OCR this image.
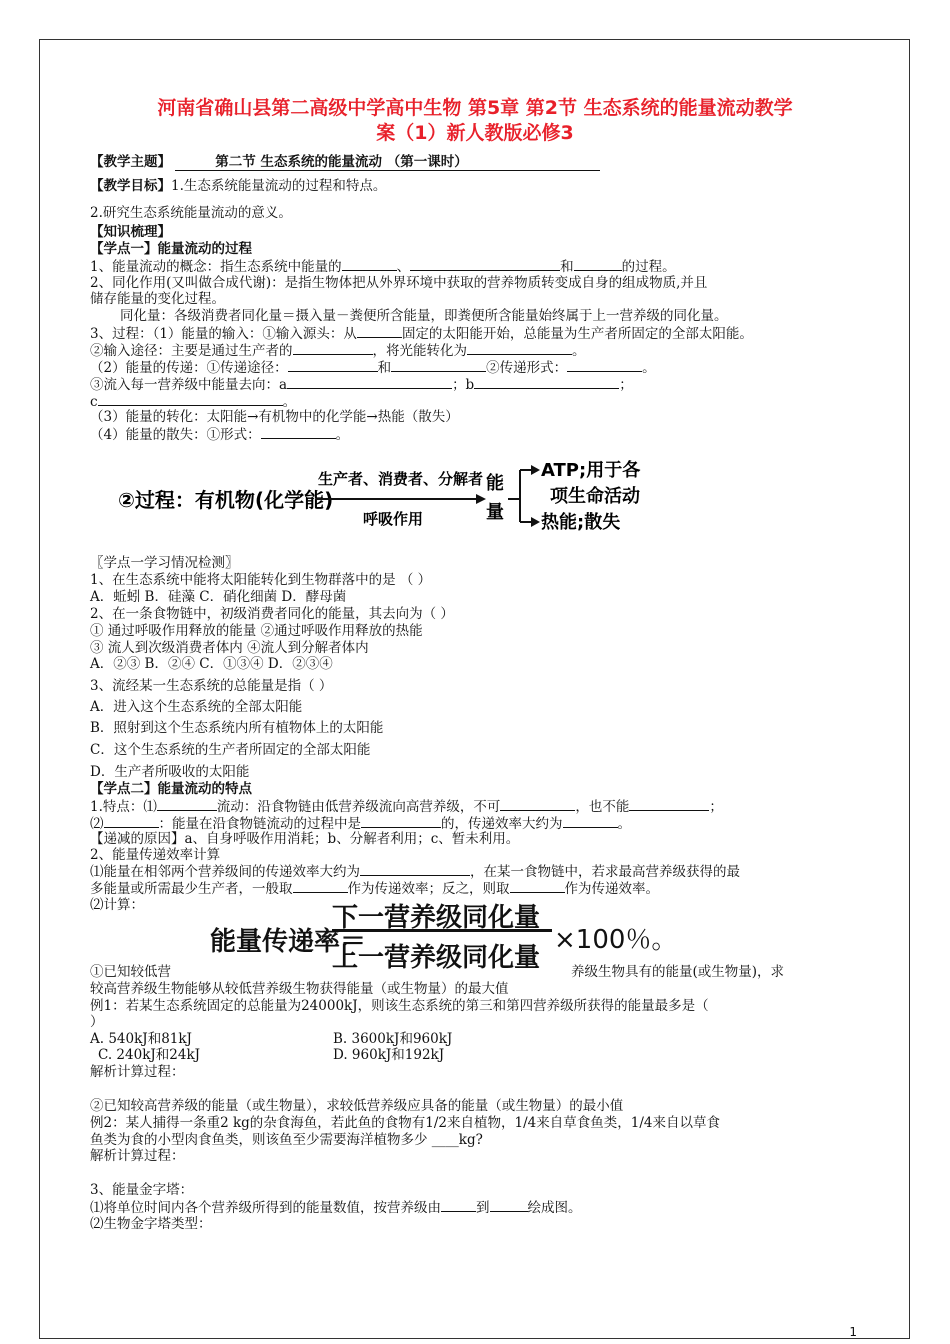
河南省确山县第二高级中学高中生物 第5章 第2节 生态系统的能量流动教学
案（1）新人教版必修3
【教学主题】	第二节 生态系统的能量流动 （第一课时）
【教学目标】1.生态系统能量流动的过程和特点。
2.研究生态系统能量流动的意义。
【知识梳理】
【学点一】能量流动的过程
1、能量流动的概念：指生态系统中能量的	、	和	的过程。
2、同化作用(又叫做合成代谢)：是指生物体把从外界环境中获取的营养物质转变成自身的组成物质,并且
储存能量的变化过程。
同化量：各级消费者同化量＝摄入量－粪便所含能量，即粪便所含能量始终属于上一营养级的同化量。
3、过程：（1）能量的输入：①输入源头：从	固定的太阳能开始，总能量为生产者所固定的全部太阳能。
②输入途径：主要是通过生产者的	，将光能转化为	。
（2）能量的传递：①传递途径：	和	②传递形式：	。
③流入每一营养级中能量去向：a	；b	；
c	。
（3）能量的转化：太阳能→有机物中的化学能→热能（散失）
（4）能量的散失：①形式：	。
②过程：有机物(化学能)
生产者、消费者、分解者
呼吸作用
能
量
ATP;用于各
项生命活动
热能;散失
〖学点一学习情况检测〗
1、在生态系统中能将太阳能转化到生物群落中的是 （ ）
A．蚯蚓 B．硅藻 C．硝化细菌 D．酵母菌
2、在一条食物链中，初级消费者同化的能量，其去向为（ ）
① 通过呼吸作用释放的能量 ②通过呼吸作用释放的热能
③ 流人到次级消费者体内 ④流人到分解者体内
A．②③ B．②④ C．①③④ D．②③④
3、流经某一生态系统的总能量是指（ ）
A．进入这个生态系统的全部太阳能
B．照射到这个生态系统内所有植物体上的太阳能
C．这个生态系统的生产者所固定的全部太阳能
D．生产者所吸收的太阳能
【学点二】能量流动的特点
1.特点：⑴	流动：沿食物链由低营养级流向高营养级，不可	，也不能	；
⑵	：能量在沿食物链流动的过程中是	的，传递效率大约为	。
【递减的原因】a、自身呼吸作用消耗；b、分解者利用；c、暂未利用。
2、能量传递效率计算
⑴能量在相邻两个营养级间的传递效率大约为	，在某一食物链中，若求最高营养级获得的最
多能量或所需最少生产者，一般取	作为传递效率；反之，则取	作为传递效率。
⑵计算：
能量传递率＝
下一营养级同化量
上一营养级同化量
×100％。
①已知较低营	养级生物具有的能量(或生物量)，求
较高营养级生物能够从较低营养级生物获得能量（或生物量）的最大值
例1：若某生态系统固定的总能量为24000kJ，则该生态系统的第三和第四营养级所获得的能量最多是（
）
A. 540kJ和81kJ	B. 3600kJ和960kJ
C. 240kJ和24kJ	D. 960kJ和192kJ
解析计算过程：
②已知较高营养级的能量（或生物量），求较低营养级应具备的能量（或生物量）的最小值
例2：某人捕得一条重2 kg的杂食海鱼，若此鱼的食物有1/2来自植物，1/4来自草食鱼类，1/4来自以草食
鱼类为食的小型肉食鱼类，则该鱼至少需要海洋植物多少 ____kg?
解析计算过程：
3、能量金字塔：
⑴将单位时间内各个营养级所得到的能量数值，按营养级由	到	绘成图。
⑵生物金字塔类型：
1
